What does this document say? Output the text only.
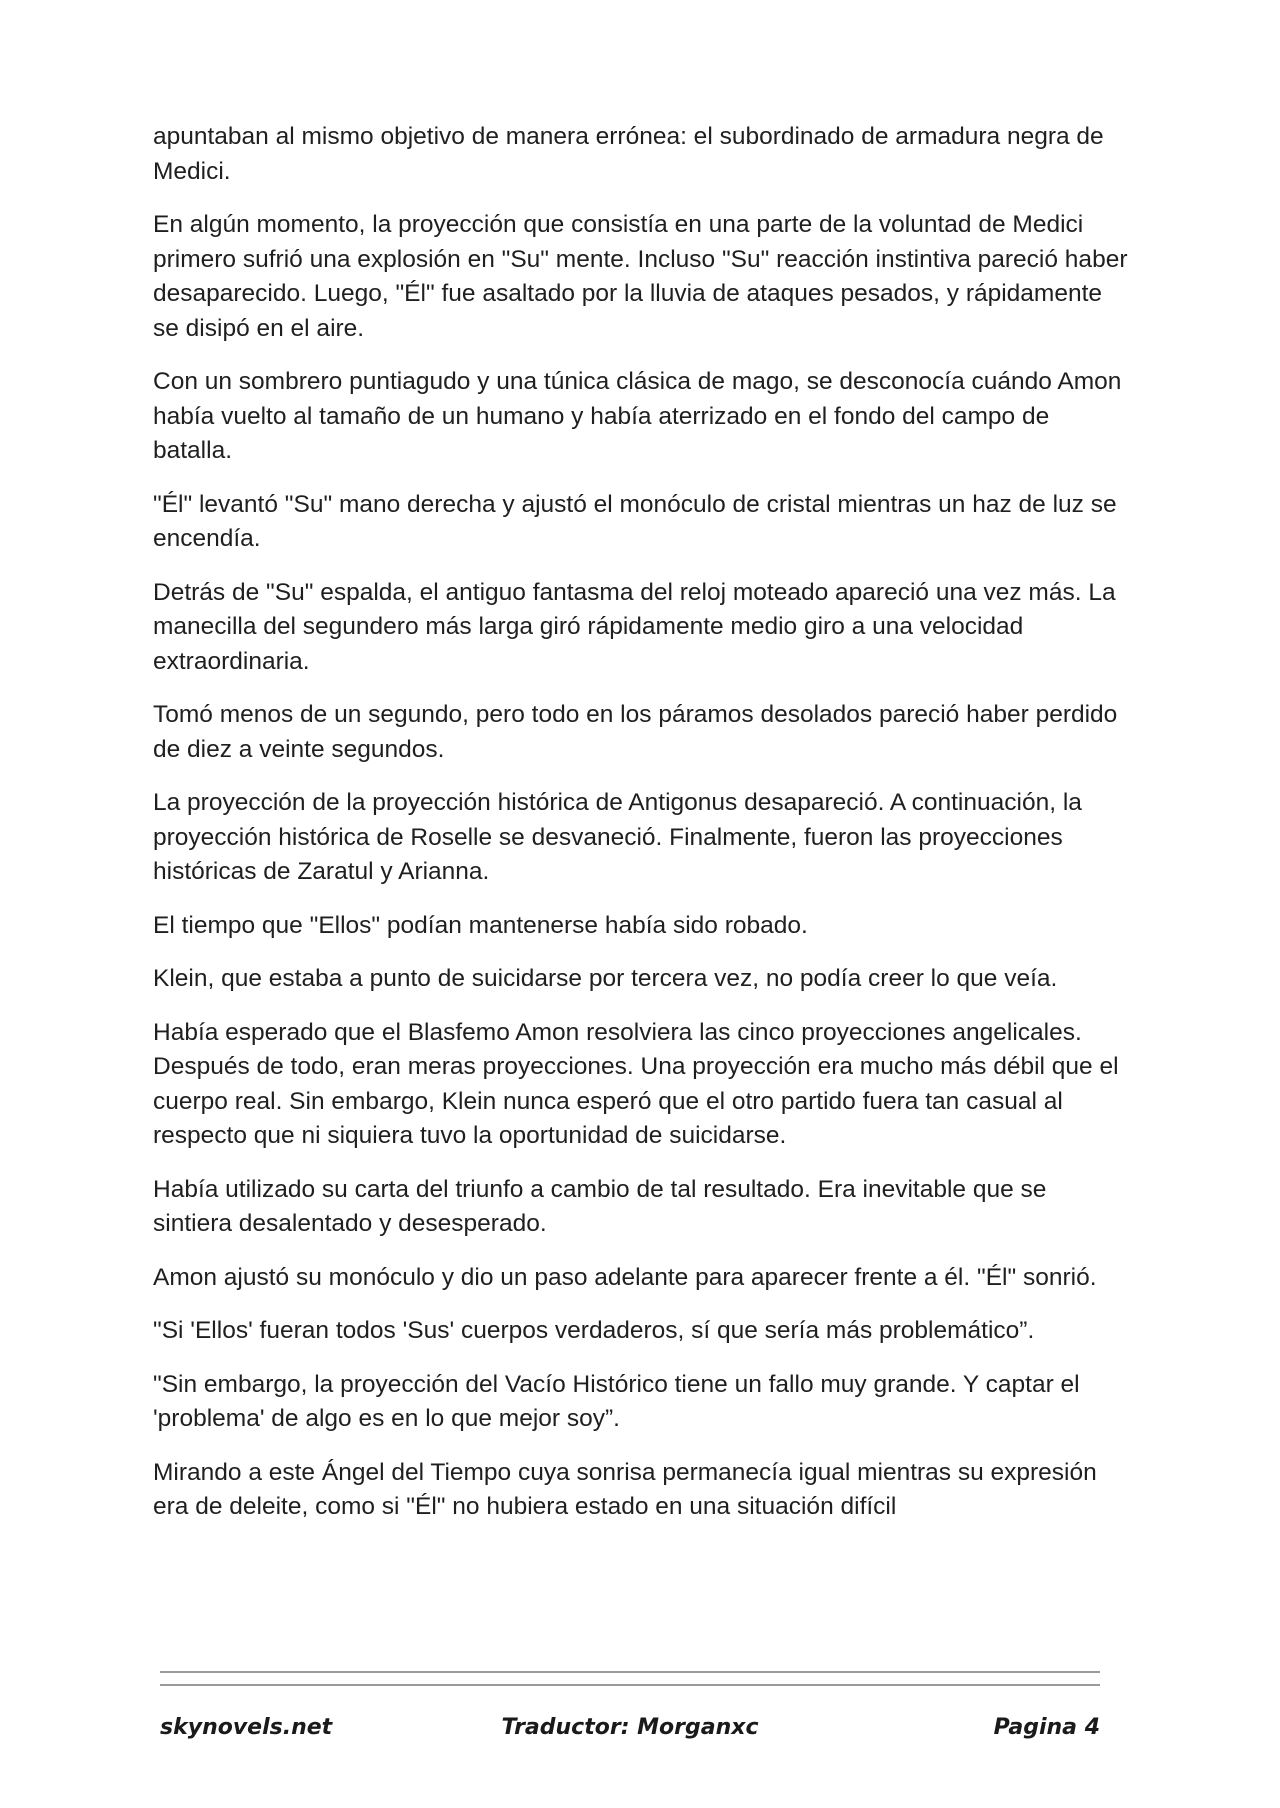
apuntaban al mismo objetivo de manera errónea: el subordinado de armadura negra de Medici.

En algún momento, la proyección que consistía en una parte de la voluntad de Medici primero sufrió una explosión en "Su" mente. Incluso "Su" reacción instintiva pareció haber desaparecido. Luego, "Él" fue asaltado por la lluvia de ataques pesados, y rápidamente se disipó en el aire.

Con un sombrero puntiagudo y una túnica clásica de mago, se desconocía cuándo Amon había vuelto al tamaño de un humano y había aterrizado en el fondo del campo de batalla.

"Él" levantó "Su" mano derecha y ajustó el monóculo de cristal mientras un haz de luz se encendía.

Detrás de "Su" espalda, el antiguo fantasma del reloj moteado apareció una vez más. La manecilla del segundero más larga giró rápidamente medio giro a una velocidad extraordinaria.

Tomó menos de un segundo, pero todo en los páramos desolados pareció haber perdido de diez a veinte segundos.

La proyección de la proyección histórica de Antigonus desapareció. A continuación, la proyección histórica de Roselle se desvaneció. Finalmente, fueron las proyecciones históricas de Zaratul y Arianna.

El tiempo que "Ellos" podían mantenerse había sido robado.

Klein, que estaba a punto de suicidarse por tercera vez, no podía creer lo que veía.

Había esperado que el Blasfemo Amon resolviera las cinco proyecciones angelicales. Después de todo, eran meras proyecciones. Una proyección era mucho más débil que el cuerpo real. Sin embargo, Klein nunca esperó que el otro partido fuera tan casual al respecto que ni siquiera tuvo la oportunidad de suicidarse.

Había utilizado su carta del triunfo a cambio de tal resultado. Era inevitable que se sintiera desalentado y desesperado.

Amon ajustó su monóculo y dio un paso adelante para aparecer frente a él. "Él" sonrió.

"Si 'Ellos' fueran todos 'Sus' cuerpos verdaderos, sí que sería más problemático”.

"Sin embargo, la proyección del Vacío Histórico tiene un fallo muy grande. Y captar el 'problema' de algo es en lo que mejor soy”.

Mirando a este Ángel del Tiempo cuya sonrisa permanecía igual mientras su expresión era de deleite, como si "Él" no hubiera estado en una situación difícil

skynovels.net	Traductor: Morganxc	Pagina 4
